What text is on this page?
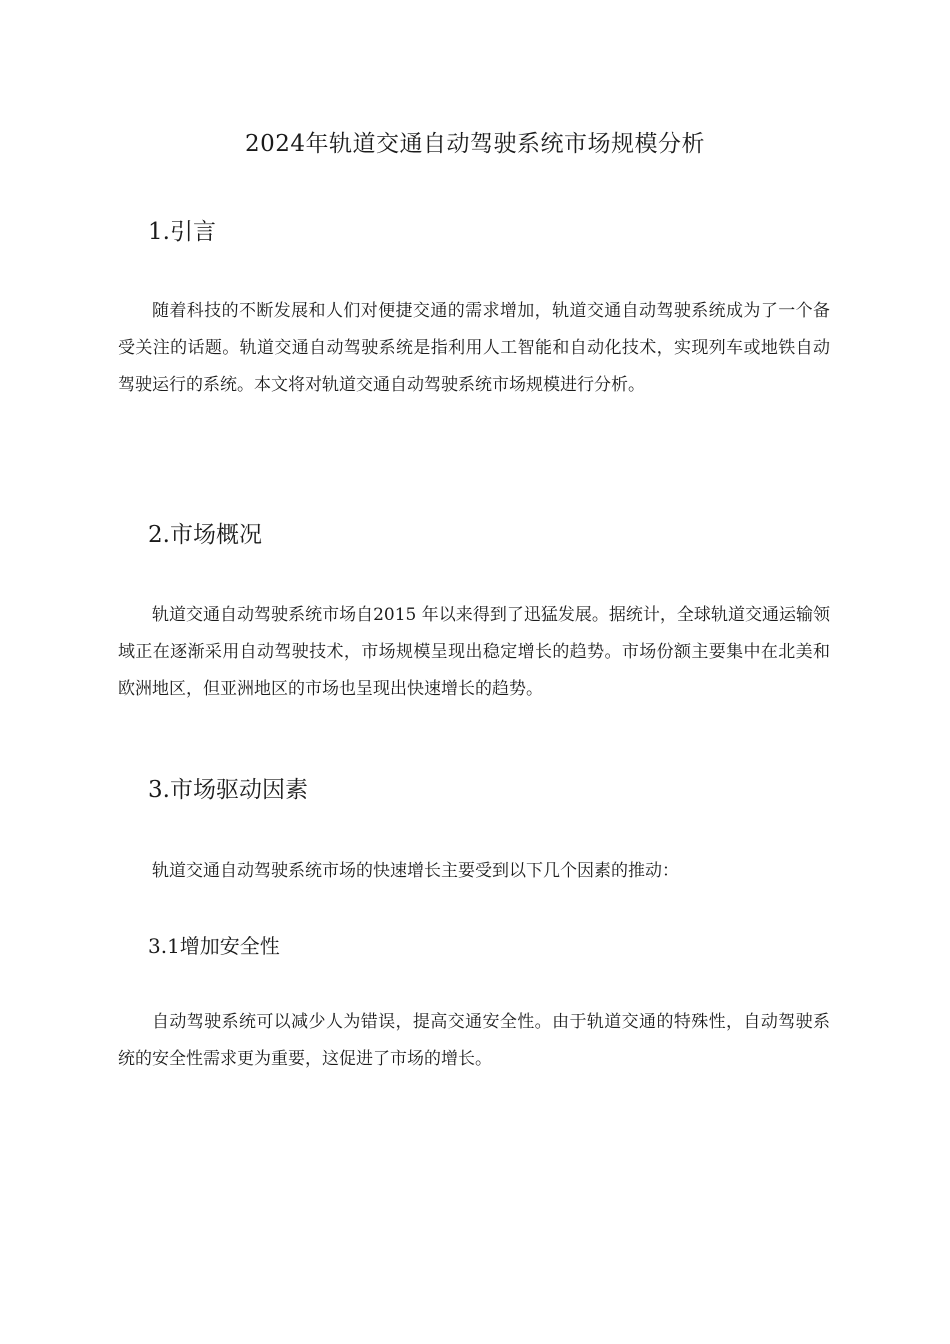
2024年轨道交通自动驾驶系统市场规模分析
1.引言

随着科技的不断发展和人们对便捷交通的需求增加，轨道交通自动驾驶系统成为了一个备受关注的话题。轨道交通自动驾驶系统是指利用人工智能和自动化技术，实现列车或地铁自动驾驶运行的系统。本文将对轨道交通自动驾驶系统市场规模进行分析。

2.市场概况

轨道交通自动驾驶系统市场自2015 年以来得到了迅猛发展。据统计，全球轨道交通运输领域正在逐渐采用自动驾驶技术，市场规模呈现出稳定增长的趋势。市场份额主要集中在北美和欧洲地区，但亚洲地区的市场也呈现出快速增长的趋势。

3.市场驱动因素

轨道交通自动驾驶系统市场的快速增长主要受到以下几个因素的推动：

3.1增加安全性

自动驾驶系统可以减少人为错误，提高交通安全性。由于轨道交通的特殊性，自动驾驶系统的安全性需求更为重要，这促进了市场的增长。
